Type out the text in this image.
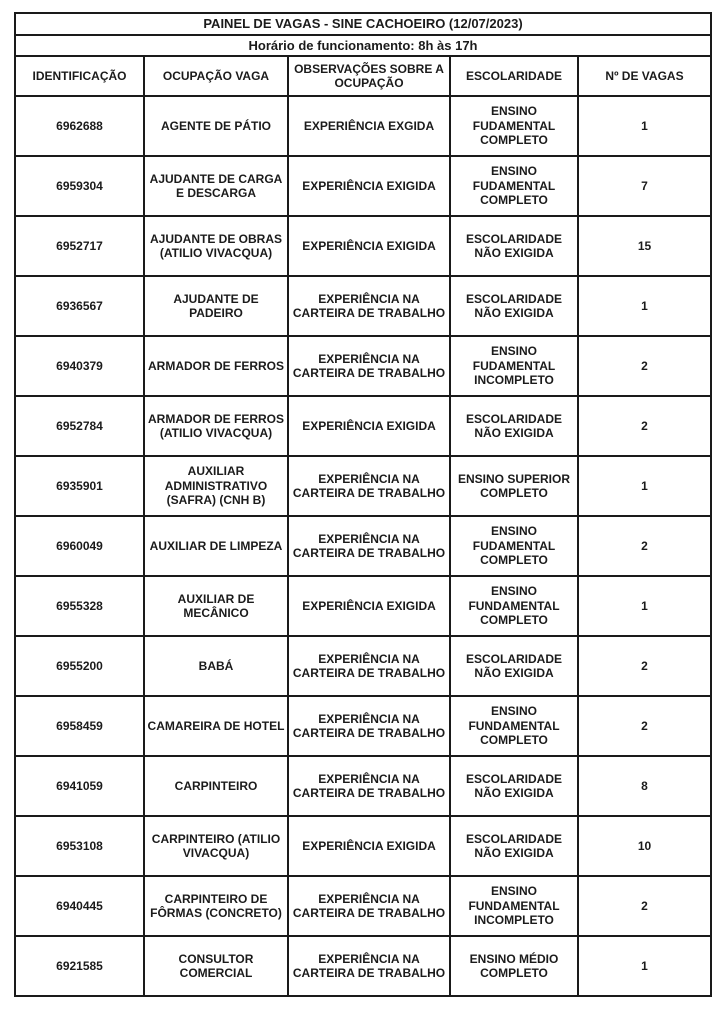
PAINEL DE VAGAS - SINE CACHOEIRO (12/07/2023)				
Horário de funcionamento: 8h às 17h				
IDENTIFICAÇÃO	OCUPAÇÃO VAGA	OBSERVAÇÕES SOBRE A OCUPAÇÃO	ESCOLARIDADE	Nº DE VAGAS
6962688	AGENTE DE PÁTIO	EXPERIÊNCIA EXGIDA	ENSINO FUDAMENTAL COMPLETO	1
6959304	AJUDANTE DE CARGA E DESCARGA	EXPERIÊNCIA EXIGIDA	ENSINO FUDAMENTAL COMPLETO	7
6952717	AJUDANTE DE OBRAS (ATILIO VIVACQUA)	EXPERIÊNCIA EXIGIDA	ESCOLARIDADE NÃO EXIGIDA	15
6936567	AJUDANTE DE PADEIRO	EXPERIÊNCIA NA CARTEIRA DE TRABALHO	ESCOLARIDADE NÃO EXIGIDA	1
6940379	ARMADOR DE FERROS	EXPERIÊNCIA NA CARTEIRA DE TRABALHO	ENSINO FUDAMENTAL INCOMPLETO	2
6952784	ARMADOR DE FERROS (ATILIO VIVACQUA)	EXPERIÊNCIA EXIGIDA	ESCOLARIDADE NÃO EXIGIDA	2
6935901	AUXILIAR ADMINISTRATIVO (SAFRA) (CNH B)	EXPERIÊNCIA NA CARTEIRA DE TRABALHO	ENSINO SUPERIOR COMPLETO	1
6960049	AUXILIAR DE LIMPEZA	EXPERIÊNCIA NA CARTEIRA DE TRABALHO	ENSINO FUDAMENTAL COMPLETO	2
6955328	AUXILIAR DE MECÂNICO	EXPERIÊNCIA EXIGIDA	ENSINO FUNDAMENTAL COMPLETO	1
6955200	BABÁ	EXPERIÊNCIA NA CARTEIRA DE TRABALHO	ESCOLARIDADE NÃO EXIGIDA	2
6958459	CAMAREIRA DE HOTEL	EXPERIÊNCIA NA CARTEIRA DE TRABALHO	ENSINO FUNDAMENTAL COMPLETO	2
6941059	CARPINTEIRO	EXPERIÊNCIA NA CARTEIRA DE TRABALHO	ESCOLARIDADE NÃO EXIGIDA	8
6953108	CARPINTEIRO (ATILIO VIVACQUA)	EXPERIÊNCIA EXIGIDA	ESCOLARIDADE NÃO EXIGIDA	10
6940445	CARPINTEIRO DE FÔRMAS (CONCRETO)	EXPERIÊNCIA NA CARTEIRA DE TRABALHO	ENSINO FUNDAMENTAL INCOMPLETO	2
6921585	CONSULTOR COMERCIAL	EXPERIÊNCIA NA CARTEIRA DE TRABALHO	ENSINO MÉDIO COMPLETO	1
